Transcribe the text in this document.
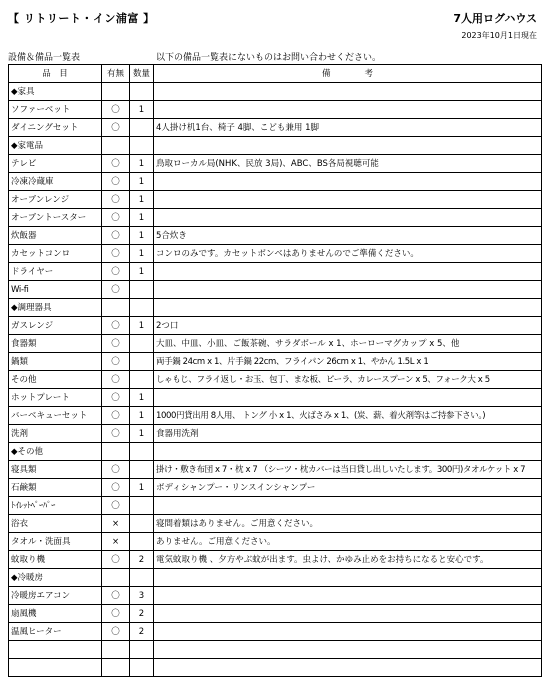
【 リトリート・イン浦富 】	7人用ログハウス
2023年10月1日現在
設備＆備品一覧表	以下の備品一覧表にないものはお問い合わせください。
品　目	有無	数量	備　　　　考
◆家具			
ソファーベット	〇	1	
ダイニングセット	〇		4人掛け机1台、椅子 4脚、こども兼用 1脚
◆家電品			
テレビ	〇	1	鳥取ローカル局(NHK、民放 3局)、ABC、BS各局視聴可能
冷凍冷蔵庫	〇	1	
オーブンレンジ	〇	1	
オーブントースター	〇	1	
炊飯器	〇	1	5合炊き
カセットコンロ	〇	1	コンロのみです。カセットボンベはありませんのでご準備ください。
ドライヤー	〇	1	
Wi-fi	〇		
◆調理器具			
ガスレンジ	〇	1	2つ口
食器類	〇		大皿、中皿、小皿、ご飯茶碗、サラダボール x 1、ホーローマグカップ x 5、他
鍋類	〇		両手鍋 24cm x 1、片手鍋 22cm、フライパン 26cm x 1、やかん 1.5L x 1
その他	〇		しゃもじ、フライ返し・お玉、包丁、まな板、ピーラ、カレースプーン x 5、フォーク大 x 5
ホットプレート	〇	1	
バーベキューセット	〇	1	1000円貸出用 8人用、 トング 小 x 1、火ばさみ x 1、(炭、薪、着火剤等はご持参下さい。)
洗剤	〇	1	食器用洗剤
◆その他			
寝具類	〇		掛け・敷き布団 x 7・枕 x 7 （シーツ・枕カバーは当日貸し出しいたします。300円)タオルケット x 7
石鹸類	〇	1	ボディシャンプー・リンスインシャンプー
ﾄｲﾚｯﾄﾍﾟｰﾊﾟｰ	〇		
浴衣	×		寝間着類はありません。ご用意ください。
タオル・洗面具	×		ありません。ご用意ください。
蚊取り機	〇	2	電気蚊取り機 、夕方やぶ蚊が出ます。虫よけ、かゆみ止めをお持ちになると安心です。
◆冷暖房			
冷暖房エアコン	〇	3	
扇風機	〇	2	
温風ヒーター	〇	2	
